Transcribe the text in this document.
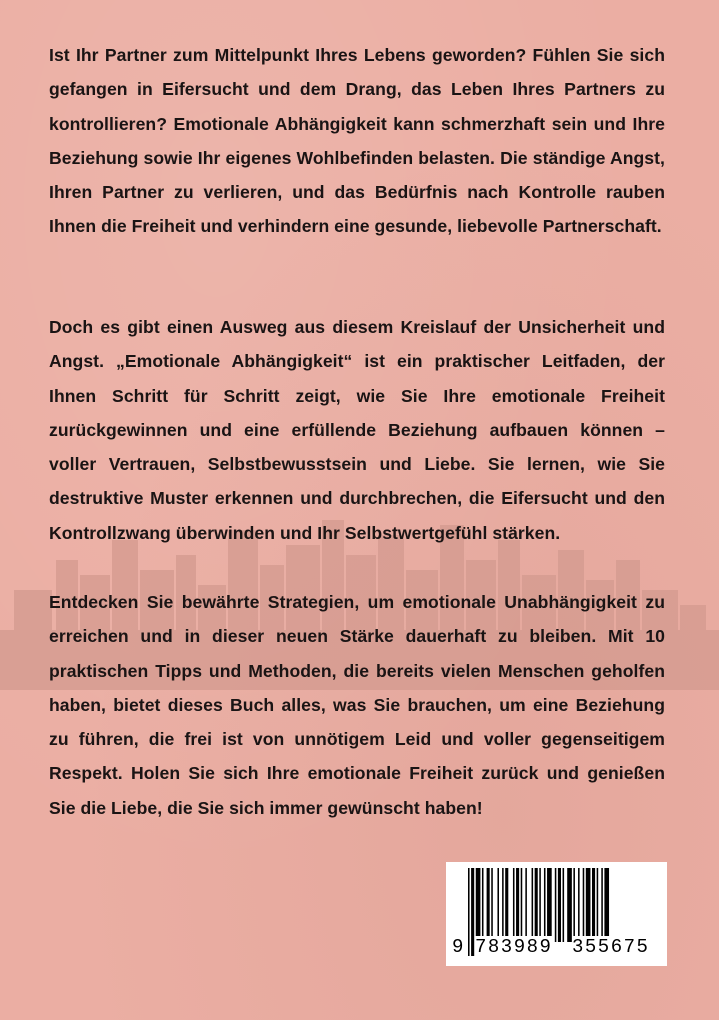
Ist Ihr Partner zum Mittelpunkt Ihres Lebens geworden? Fühlen Sie sich gefangen in Eifersucht und dem Drang, das Leben Ihres Partners zu kontrollieren? Emotionale Abhängigkeit kann schmerzhaft sein und Ihre Beziehung sowie Ihr eigenes Wohlbefinden belasten. Die ständige Angst, Ihren Partner zu verlieren, und das Bedürfnis nach Kontrolle rauben Ihnen die Freiheit und verhindern eine gesunde, liebevolle Partnerschaft.

Doch es gibt einen Ausweg aus diesem Kreislauf der Unsicherheit und Angst. „Emotionale Abhängigkeit“ ist ein praktischer Leitfaden, der Ihnen Schritt für Schritt zeigt, wie Sie Ihre emotionale Freiheit zurückgewinnen und eine erfüllende Beziehung aufbauen können – voller Vertrauen, Selbstbewusstsein und Liebe. Sie lernen, wie Sie destruktive Muster erkennen und durchbrechen, die Eifersucht und den Kontrollzwang überwinden und Ihr Selbstwertgefühl stärken.

Entdecken Sie bewährte Strategien, um emotionale Unabhängigkeit zu erreichen und in dieser neuen Stärke dauerhaft zu bleiben. Mit 10 praktischen Tipps und Methoden, die bereits vielen Menschen geholfen haben, bietet dieses Buch alles, was Sie brauchen, um eine Beziehung zu führen, die frei ist von unnötigem Leid und voller gegenseitigem Respekt. Holen Sie sich Ihre emotionale Freiheit zurück und genießen Sie die Liebe, die Sie sich immer gewünscht haben!

9 783989 355675
